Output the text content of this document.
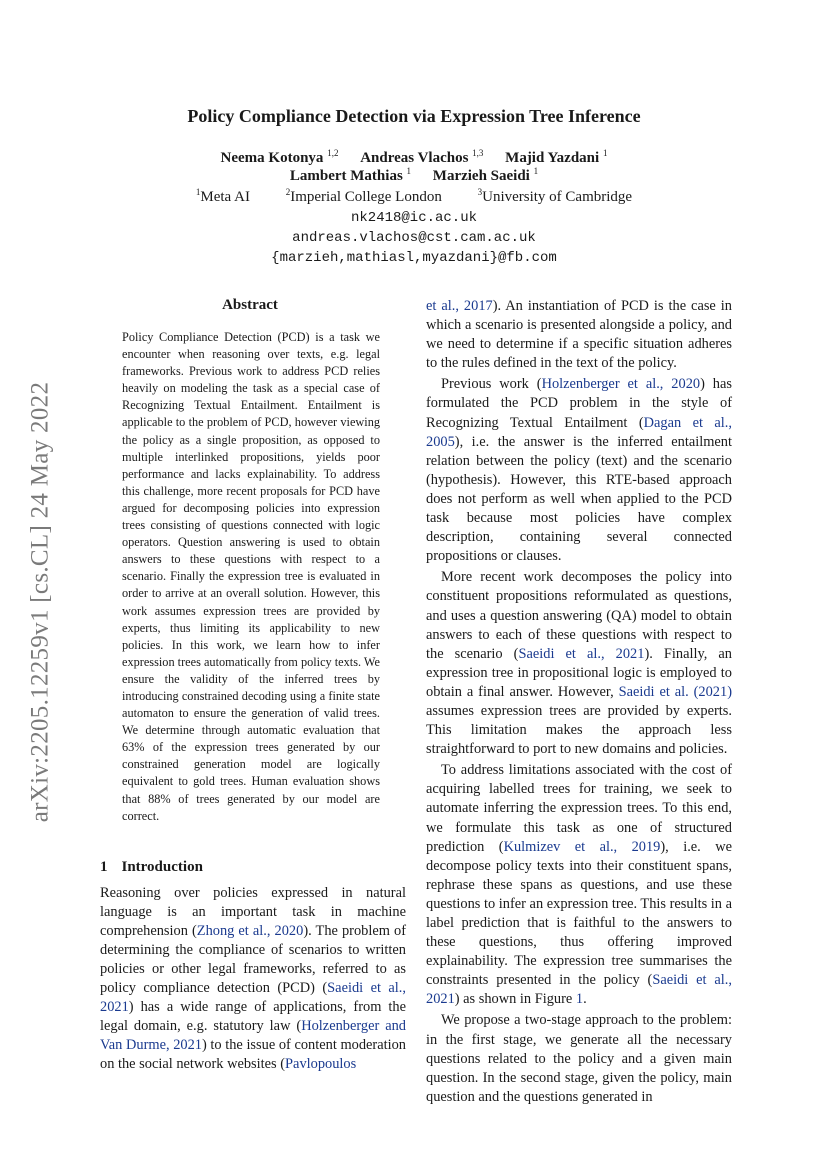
arXiv:2205.12259v1 [cs.CL] 24 May 2022
Policy Compliance Detection via Expression Tree Inference
Neema Kotonya $^{1,2}$ Andreas Vlachos $^{1,3}$ Majid Yazdani $^1$
Lambert Mathias $^1$ Marzieh Saeidi $^1$
$^1$Meta AI	$^2$Imperial College London	$^3$University of Cambridge
nk2418@ic.ac.uk
andreas.vlachos@cst.cam.ac.uk
{marzieh,mathiasl,myazdani}@fb.com
Abstract

Policy Compliance Detection (PCD) is a task we encounter when reasoning over texts, e.g. legal frameworks. Previous work to address PCD relies heavily on modeling the task as a special case of Recognizing Textual Entailment. Entailment is applicable to the problem of PCD, however viewing the policy as a single proposition, as opposed to multiple interlinked propositions, yields poor performance and lacks explainability. To address this challenge, more recent proposals for PCD have argued for decomposing policies into expression trees consisting of questions connected with logic operators. Question answering is used to obtain answers to these questions with respect to a scenario. Finally the expression tree is evaluated in order to arrive at an overall solution. However, this work assumes expression trees are provided by experts, thus limiting its applicability to new policies. In this work, we learn how to infer expression trees automatically from policy texts. We ensure the validity of the inferred trees by introducing constrained decoding using a finite state automaton to ensure the generation of valid trees. We determine through automatic evaluation that 63% of the expression trees generated by our constrained generation model are logically equivalent to gold trees. Human evaluation shows that 88% of trees generated by our model are correct.

1 Introduction

Reasoning over policies expressed in natural language is an important task in machine comprehension (Zhong et al., 2020). The problem of determining the compliance of scenarios to written policies or other legal frameworks, referred to as policy compliance detection (PCD) (Saeidi et al., 2021) has a wide range of applications, from the legal domain, e.g. statutory law (Holzenberger and Van Durme, 2021) to the issue of content moderation on the social network websites (Pavlopoulos

et al., 2017). An instantiation of PCD is the case in which a scenario is presented alongside a policy, and we need to determine if a specific situation adheres to the rules defined in the text of the policy.

Previous work (Holzenberger et al., 2020) has formulated the PCD problem in the style of Recognizing Textual Entailment (Dagan et al., 2005), i.e. the answer is the inferred entailment relation between the policy (text) and the scenario (hypothesis). However, this RTE-based approach does not perform as well when applied to the PCD task because most policies have complex description, containing several connected propositions or clauses.

More recent work decomposes the policy into constituent propositions reformulated as questions, and uses a question answering (QA) model to obtain answers to each of these questions with respect to the scenario (Saeidi et al., 2021). Finally, an expression tree in propositional logic is employed to obtain a final answer. However, Saeidi et al. (2021) assumes expression trees are provided by experts. This limitation makes the approach less straightforward to port to new domains and policies.

To address limitations associated with the cost of acquiring labelled trees for training, we seek to automate inferring the expression trees. To this end, we formulate this task as one of structured prediction (Kulmizev et al., 2019), i.e. we decompose policy texts into their constituent spans, rephrase these spans as questions, and use these questions to infer an expression tree. This results in a label prediction that is faithful to the answers to these questions, thus offering improved explainability. The expression tree summarises the constraints presented in the policy (Saeidi et al., 2021) as shown in Figure 1.

We propose a two-stage approach to the problem: in the first stage, we generate all the necessary questions related to the policy and a given main question. In the second stage, given the policy, main question and the questions generated in
